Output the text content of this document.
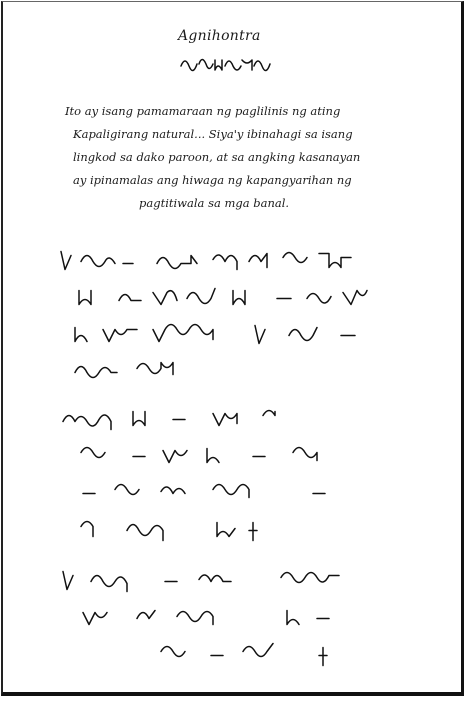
Agnihontra
Ito ay isang pamamaraan ng paglilinis ng ating
Kapaligirang natural... Siya'y ibinahagi sa isang
lingkod sa dako paroon, at sa angking kasanayan
ay ipinamalas ang hiwaga ng kapangyarihan ng
pagtitiwala sa mga banal.
